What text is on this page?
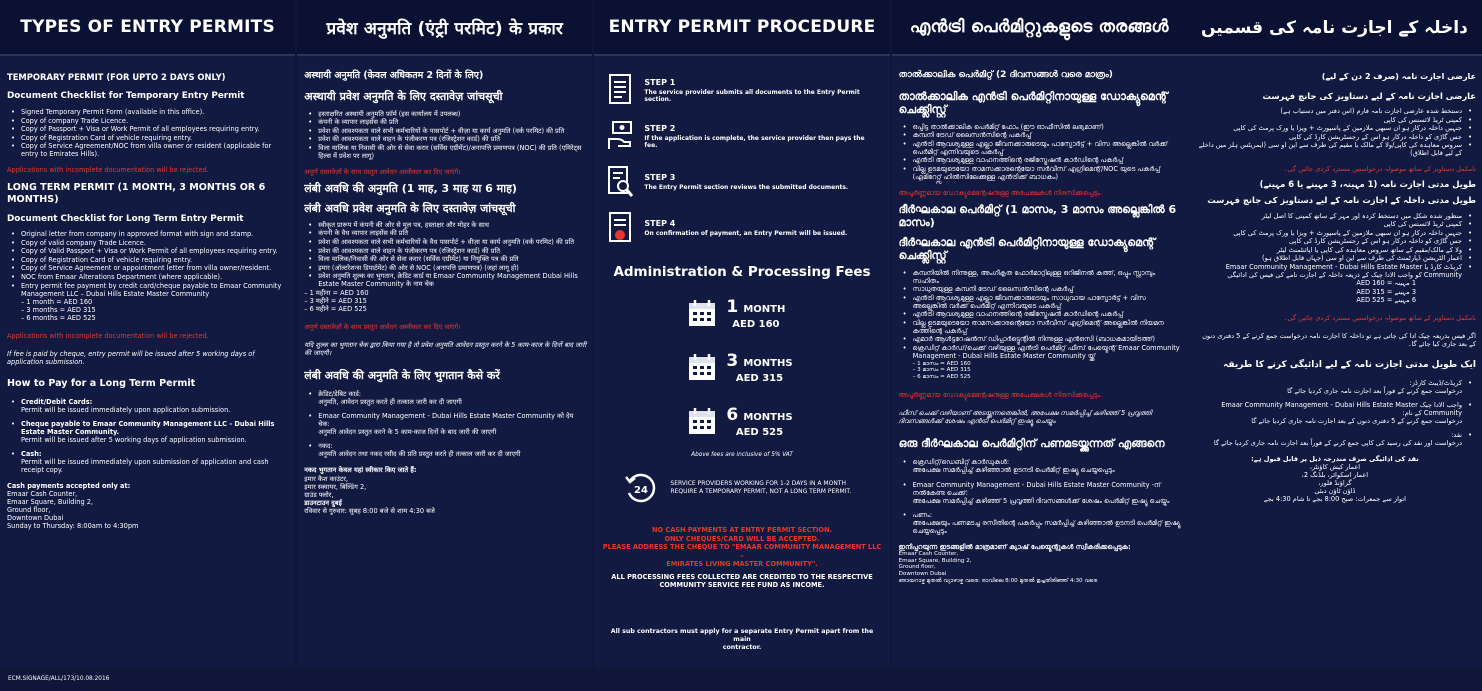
TYPES OF ENTRY PERMITS
TEMPORARY PERMIT (FOR UPTO 2 DAYS ONLY)
Document Checklist for Temporary Entry Permit
• Signed Temporary Permit Form (available in this office).
• Copy of company Trade Licence.
• Copy of Passport + Visa or Work Permit of all employees requiring entry.
• Copy of Registration Card of vehicle requiring entry.
• Copy of Service Agreement/NOC from villa owner or resident (applicable for entry to Emirates Hills).
Applications with incomplete documentation will be rejected.
LONG TERM PERMIT (1 MONTH, 3 MONTHS OR 6 MONTHS)
Document Checklist for Long Term Entry Permit
• Original letter from company in approved format with sign and stamp.
• Copy of valid company Trade Licence.
• Copy of Valid Passport + Visa or Work Permit of all employees requiring entry.
• Copy of Registration Card of vehicle requiring entry.
• Copy of Service Agreement or appointment letter from villa owner/resident.
• NOC from Emaar Alterations Department (where applicable).
• Entry permit fee payment by credit card/cheque payable to Emaar Community Management LLC – Dubai Hills Estate Master Community
– 1 month = AED 160
– 3 months = AED 315
– 6 months = AED 525
Applications with incomplete documentation will be rejected.
If fee is paid by cheque, entry permit will be issued after 5 working days of application submission.
How to Pay for a Long Term Permit
• Credit/Debit Cards:
Permit will be issued immediately upon application submission.
• Cheque payable to Emaar Community Management LLC - Dubai Hills Estate Master Community.
Permit will be issued after 5 working days of application submission.
• Cash:
Permit will be issued immediately upon submission of application and cash receipt copy.
Cash payments accepted only at:
Emaar Cash Counter,
Emaar Square, Building 2,
Ground floor,
Downtown Dubai
Sunday to Thursday: 8:00am to 4:30pm
प्रवेश अनुमति (एंट्री परमिट) के प्रकार
अस्थायी अनुमति (केवल अधिकतम 2 दिनों के लिए)
अस्थायी प्रवेश अनुमति के लिए दस्तावेज़ जांचसूची
• हस्ताक्षरित अस्थायी अनुमति फ़ॉर्म (इस कार्यालय में उपलब्ध)
• कंपनी के व्यापार लाइसेंस की प्रति
• प्रवेश की आवश्यकता वाले सभी कर्मचारियों के पासपोर्ट + वीज़ा या कार्य अनुमति (वर्क परमिट) की प्रति
• प्रवेश की आवश्यकता वाले वाहन के पंजीकरण पत्र (रजिस्ट्रेशन कार्ड) की प्रति
• विला मालिक या निवासी की ओर से सेवा करार (सर्विस एग्रीमेंट)/अनापत्ति प्रमाणपत्र (NOC) की प्रति (एमिरेट्स हिल्स में प्रवेश पर लागू)
अपूर्ण दस्तावेज़ों के साथ प्रस्तुत आवेदन अस्वीकार कर दिए जाएंगे।
लंबी अवधि की अनुमति (1 माह, 3 माह या 6 माह)
लंबी अवधि प्रवेश अनुमति के लिए दस्तावेज़ जांचसूची
• स्वीकृत प्रारूप में कंपनी की ओर से मूल पत्र, हस्ताक्षर और मोहर के साथ
• कंपनी के वैध व्यापार लाइसेंस की प्रति
• प्रवेश की आवश्यकता वाले सभी कर्मचारियों के वैध पासपोर्ट + वीज़ा या कार्य अनुमति (वर्क परमिट) की प्रति
• प्रवेश की आवश्यकता वाले वाहन के पंजीकरण पत्र (रजिस्ट्रेशन कार्ड) की प्रति
• विला मालिक/निवासी की ओर से सेवा करार (सर्विस एग्रीमेंट) या नियुक्ति पत्र की प्रति
• इमार (ऑल्टरेशन्स डिपार्टमेंट) की ओर से NOC (अनापत्ति प्रमाणपत्र) (जहां लागू हो)
• प्रवेश अनुमति शुल्क का भुगतान, क्रेडिट कार्ड या Emaar Community Management Dubai Hills Estate Master Community के नाम चेक
– 1 महीना = AED 160
– 3 महीने = AED 315
– 6 महीने = AED 525
अपूर्ण दस्तावेज़ों के साथ प्रस्तुत आवेदन अस्वीकार कर दिए जाएंगे।
यदि शुल्क का भुगतान चेक द्वारा किया गया है तो प्रवेश अनुमति आवेदन प्रस्तुत करने के 5 काम-काज के दिनों बाद जारी की जाएगी।
लंबी अवधि की अनुमति के लिए भुगतान कैसे करें
• क्रेडिट/डेबिट कार्ड:
अनुमति, आवेदन प्रस्तुत करते ही तत्काल जारी कर दी जाएगी
• Emaar Community Management - Dubai Hills Estate Master Community को देय चेक:
अनुमति आवेदन प्रस्तुत करने के 5 काम-काज दिनों के बाद जारी की जाएगी
• नकद:
अनुमति आवेदन तथा नकद रसीद की प्रति प्रस्तुत करते ही तत्काल जारी कर दी जाएगी
नकद भुगतान केवल यहां स्वीकार किए जाते हैं:
इमार कैश काउंटर,
इमार स्क्वायर, बिल्डिंग 2,
ग्राउंड फ्लोर,
डाउनटाउन दुबई
रविवार से गुरुवार: सुबह 8:00 बजे से शाम 4:30 बजे
ENTRY PERMIT PROCEDURE
STEP 1
The service provider submits all documents to the Entry Permit section.
STEP 2
If the application is complete, the service provider then pays the fee.
STEP 3
The Entry Permit section reviews the submitted documents.
STEP 4
On confirmation of payment, an Entry Permit will be issued.
Administration & Processing Fees
1 MONTH
AED 160
3 MONTHS
AED 315
6 MONTHS
AED 525
Above fees are inclusive of 5% VAT
24
SERVICE PROVIDERS WORKING FOR 1-2 DAYS IN A MONTH
REQUIRE A TEMPORARY PERMIT, NOT A LONG TERM PERMIT.
NO CASH PAYMENTS AT ENTRY PERMIT SECTION.
ONLY CHEQUES/CARD WILL BE ACCEPTED.
PLEASE ADDRESS THE CHEQUE TO "EMAAR COMMUNITY MANAGEMENT LLC –
EMIRATES LIVING MASTER COMMUNITY".
ALL PROCESSING FEES COLLECTED ARE CREDITED TO THE RESPECTIVE
COMMUNITY SERVICE FEE FUND AS INCOME.
All sub contractors must apply for a separate Entry Permit apart from the main
contractor.
എൻട്രി പെർമിറ്റുകളുടെ തരങ്ങൾ
താൽക്കാലിക പെർമിറ്റ് (2 ദിവസങ്ങൾ വരെ മാത്രം)
താൽക്കാലിക എൻട്രി പെർമിറ്റിനായുള്ള ഡോക്യുമെന്റ് ചെക്ക്ലിസ്റ്റ്
• ഒപ്പിട്ട താൽക്കാലിക പെർമിറ്റ് ഫോം (ഈ ഓഫീസിൽ ലഭ്യമാണ്)
• കമ്പനി ട്രേഡ് ലൈസൻസിന്റെ പകർപ്പ്
• എൻട്രി ആവശ്യമുള്ള എല്ലാ ജീവനക്കാരുടെയും പാസ്പോർട്ട് + വിസ അല്ലെങ്കിൽ വർക്ക് പെർമിറ്റ് എന്നിവയുടെ പകർപ്പ്
• എൻട്രി ആവശ്യമുള്ള വാഹനത്തിന്റെ രജിസ്ട്രേഷൻ കാർഡിന്റെ പകർപ്പ്
• വില്ല ഉടമയുടെയോ താമസക്കാരന്റെയോ സർവീസ് എഗ്രിമെന്റ്/NOC യുടെ പകർപ്പ് (എമിറേറ്റ്സ് ഹിൽസിലേക്കുള്ള എൻട്രിക്ക് ബാധകം)
അപൂർണ്ണമായ ഡോക്യുമെന്റേഷനുള്ള അപേക്ഷകൾ നിരസിക്കപ്പെടും.
ദീർഘകാല പെർമിറ്റ് (1 മാസം, 3 മാസം അല്ലെങ്കിൽ 6 മാസം)
ദീർഘകാല എൻട്രി പെർമിറ്റിനായുള്ള ഡോക്യുമെന്റ് ചെക്ക്ലിസ്റ്റ്
• കമ്പനിയിൽ നിന്നുള്ള, അംഗീകൃത ഫോർമാറ്റിലുള്ള ഒറിജിനൽ കത്ത്, ഒപ്പും സ്റ്റാമ്പും സഹിതം
• സാധുതയുള്ള കമ്പനി ട്രേഡ് ലൈസൻസിന്റെ പകർപ്പ്
• എൻട്രി ആവശ്യമുള്ള എല്ലാ ജീവനക്കാരുടെയും സാധുവായ പാസ്പോർട്ട് + വിസ അല്ലെങ്കിൽ വർക്ക് പെർമിറ്റ് എന്നിവയുടെ പകർപ്പ്
• എൻട്രി ആവശ്യമുള്ള വാഹനത്തിന്റെ രജിസ്ട്രേഷൻ കാർഡിന്റെ പകർപ്പ്
• വില്ല ഉടമയുടെയോ താമസക്കാരന്റെയോ സർവീസ് എഗ്രിമെന്റ് അല്ലെങ്കിൽ നിയമന കത്തിന്റെ പകർപ്പ്
• എമാർ ആൾട്ടറേഷൻസ് ഡിപ്പാർട്ട്മെന്റിൽ നിന്നുള്ള എൻഒസി (ബാധകമായിടത്ത്)
• ക്രെഡിറ്റ് കാർഡ്/ചെക്ക് വഴിയുള്ള എൻട്രി പെർമിറ്റ് ഫീസ് പേയ്മെന്റ് Emaar Community Management - Dubai Hills Estate Master Community യ്ക്ക്
– 1 മാസം = AED 160
– 3 മാസം = AED 315
– 6 മാസം = AED 525
അപൂർണ്ണമായ ഡോക്യുമെന്റേഷനുള്ള അപേക്ഷകൾ നിരസിക്കപ്പെടും.
ഫീസ് ചെക്ക് വഴിയാണ് അടയ്ക്കുന്നതെങ്കിൽ, അപേക്ഷ സമർപ്പിച്ച് കഴിഞ്ഞ് 5 പ്രവൃത്തി ദിവസങ്ങൾക്ക് ശേഷം എൻട്രി പെർമിറ്റ് ഇഷ്യൂ ചെയ്യും
ഒരു ദീർഘകാല പെർമിറ്റിന് പണമടയ്ക്കുന്നത് എങ്ങനെ
• ക്രെഡിറ്റ്/ഡെബിറ്റ് കാർഡുകൾ:
അപേക്ഷ സമർപ്പിച്ച് കഴിഞ്ഞാൽ ഉടനടി പെർമിറ്റ് ഇഷ്യൂ ചെയ്യപ്പെടും
• Emaar Community Management - Dubai Hills Estate Master Community -ന് നൽകേണ്ട ചെക്ക്:
അപേക്ഷ സമർപ്പിച്ച് കഴിഞ്ഞ് 5 പ്രവൃത്തി ദിവസങ്ങൾക്ക് ശേഷം പെർമിറ്റ് ഇഷ്യൂ ചെയ്യും
• പണം:
അപേക്ഷയും പണമടച്ച രസീതിന്റെ പകർപ്പും സമർപ്പിച്ച് കഴിഞ്ഞാൽ ഉടനടി പെർമിറ്റ് ഇഷ്യൂ ചെയ്യപ്പെടും
ഇനിപ്പറയുന്ന ഇടങ്ങളിൽ മാത്രമാണ് ക്യാഷ് പേയ്മെന്റുകൾ സ്വീകരിക്കപ്പെടുക:
Emaar Cash Counter,
Emaar Square, Building 2,
Ground floor,
Downtown Dubai
ഞായറാഴ്ച മുതൽ വ്യാഴാഴ്ച വരെ: രാവിലെ 8:00 മുതൽ ഉച്ചതിരിഞ്ഞ് 4:30 വരെ
داخلہ کے اجازت نامہ کی قسمیں
عارضی اجازت نامہ (صرف 2 دن کے لیے)
عارضی اجازت نامہ کے لیے دستاویز کی جانچ فہرست
• دستخط شدہ عارضی اجازت نامہ فارم (اس دفتر میں دستیاب ہے)
• کمپنی ٹریڈ لائسنس کی کاپی
• جنہیں داخلہ درکار ہو ان سبھی ملازمین کے پاسپورٹ + ویزا یا ورک پرمٹ کی کاپی
• جس گاڑی کو داخلہ درکار ہو اس کے رجسٹریشن کارڈ کی کاپی
• سروس معاہدہ کی کاپی/ولا کے مالک یا مقیم کی طرف سے این او سی (ایمریٹس ہلز میں داخلے کے لیے قابل اطلاق)
نامکمل دستاویز کے ساتھ موصولہ درخواستیں مسترد کردی جائیں گی۔
طویل مدتی اجازت نامہ (1 مہینہ، 3 مہینے یا 6 مہینے)
طویل مدتی داخلہ کے اجازت نامہ کے لیے دستاویز کی جانچ فہرست
• منظور شدہ شکل میں دستخط کردہ اور مہر کے ساتھ کمپنی کا اصل لیٹر
• کمپنی ٹریڈ لائسنس کی کاپی
• جنہیں داخلہ درکار ہو ان سبھی ملازمین کے پاسپورٹ + ویزا یا ورک پرمٹ کی کاپی
• جس گاڑی کو داخلہ درکار ہو اس کے رجسٹریشن کارڈ کی کاپی
• ولا کے مالک/مقیم کے ساتھ سروس معاہدہ کی کاپی یا اپائنٹمنٹ لیٹر
• اعمار الٹریشن ڈپارٹمنٹ کی طرف سے این او سی (جہاں قابل اطلاق ہو)
• کریڈٹ کارڈ یا Emaar Community Management - Dubai Hills Estate Master Community کو واجب الادا چیک کے ذریعہ داخلہ کے اجازت نامے کی فیس کی ادائیگی
1 مہینہ = AED 160
3 مہینے = AED 315
6 مہینے = AED 525
نامکمل دستاویز کے ساتھ موصولہ درخواستیں مسترد کردی جائیں گی۔
اگر فیس بذریعہ چیک ادا کی جاتی ہے تو داخلہ کا اجازت نامہ درخواست جمع کرنے کے 5 دفتری دنوں کے بعد جاری کیا جائے گا۔
ایک طویل مدتی اجازت نامہ کے لیے ادائیگی کرنے کا طریقہ
• کریڈٹ/ڈیبٹ کارڈز:
درخواست جمع کرنے کے فوراً بعد اجازت نامہ جاری کردیا جائے گا
• واجب الادا چیک Emaar Community Management - Dubai Hills Estate Master Community کے نام:
درخواست جمع کرنے کے 5 دفتری دنوں کے بعد اجازت نامہ جاری کردیا جائے گا
• نقد:
درخواست اور نقد کی رسید کی کاپی جمع کرنے کے فوراً بعد اجازت نامہ جاری کردیا جائے گا
نقد کی ادائیگی صرف مندرجہ ذیل پر قابل قبول ہے:
اعمار کیش کاؤنٹر،
اعمار اسکوائر، بلڈنگ 2،
گراؤنڈ فلور،
ڈاؤن ٹاؤن دبئی
اتوار سے جمعرات: صبح 8:00 بجے تا شام 4:30 بجے
ECM.SIGNAGE/ALL/173/10.08.2016
